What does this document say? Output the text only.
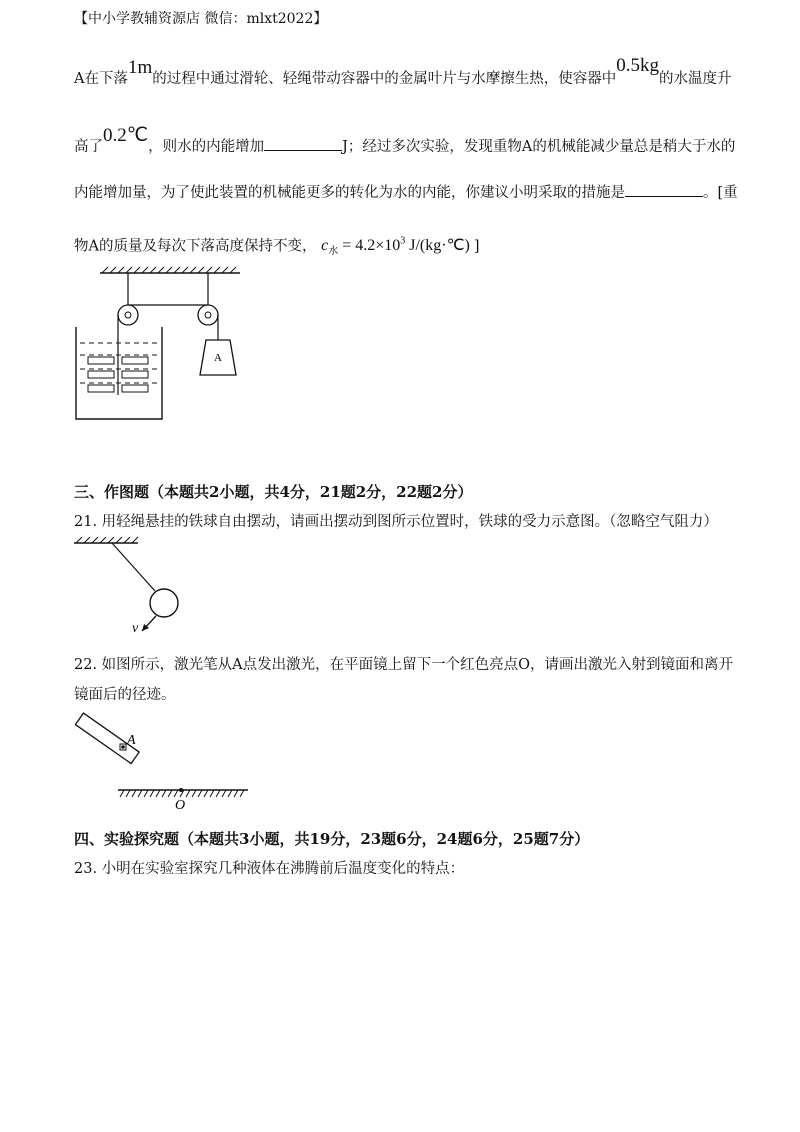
【中小学教辅资源店 微信：mlxt2022】
A在下落1m的过程中通过滑轮、轻绳带动容器中的金属叶片与水摩擦生热，使容器中0.5kg的水温度升
高了0.2℃，则水的内能增加	J；经过多次实验，发现重物A的机械能减少量总是稍大于水的
内能增加量，为了使此装置的机械能更多的转化为水的内能，你建议小明采取的措施是	。[重
物A的质量及每次下落高度保持不变， $c_水 = 4.2\times 10^3$ J/(kg·℃) ]
A
三、作图题（本题共2小题，共4分，21题2分，22题2分）
21. 用轻绳悬挂的铁球自由摆动，请画出摆动到图所示位置时，铁球的受力示意图。（忽略空气阻力）
v
22. 如图所示，激光笔从A点发出激光，在平面镜上留下一个红色亮点O，请画出激光入射到镜面和离开
镜面后的径迹。
A
O
四、实验探究题（本题共3小题，共19分，23题6分，24题6分，25题7分）
23. 小明在实验室探究几种液体在沸腾前后温度变化的特点：
